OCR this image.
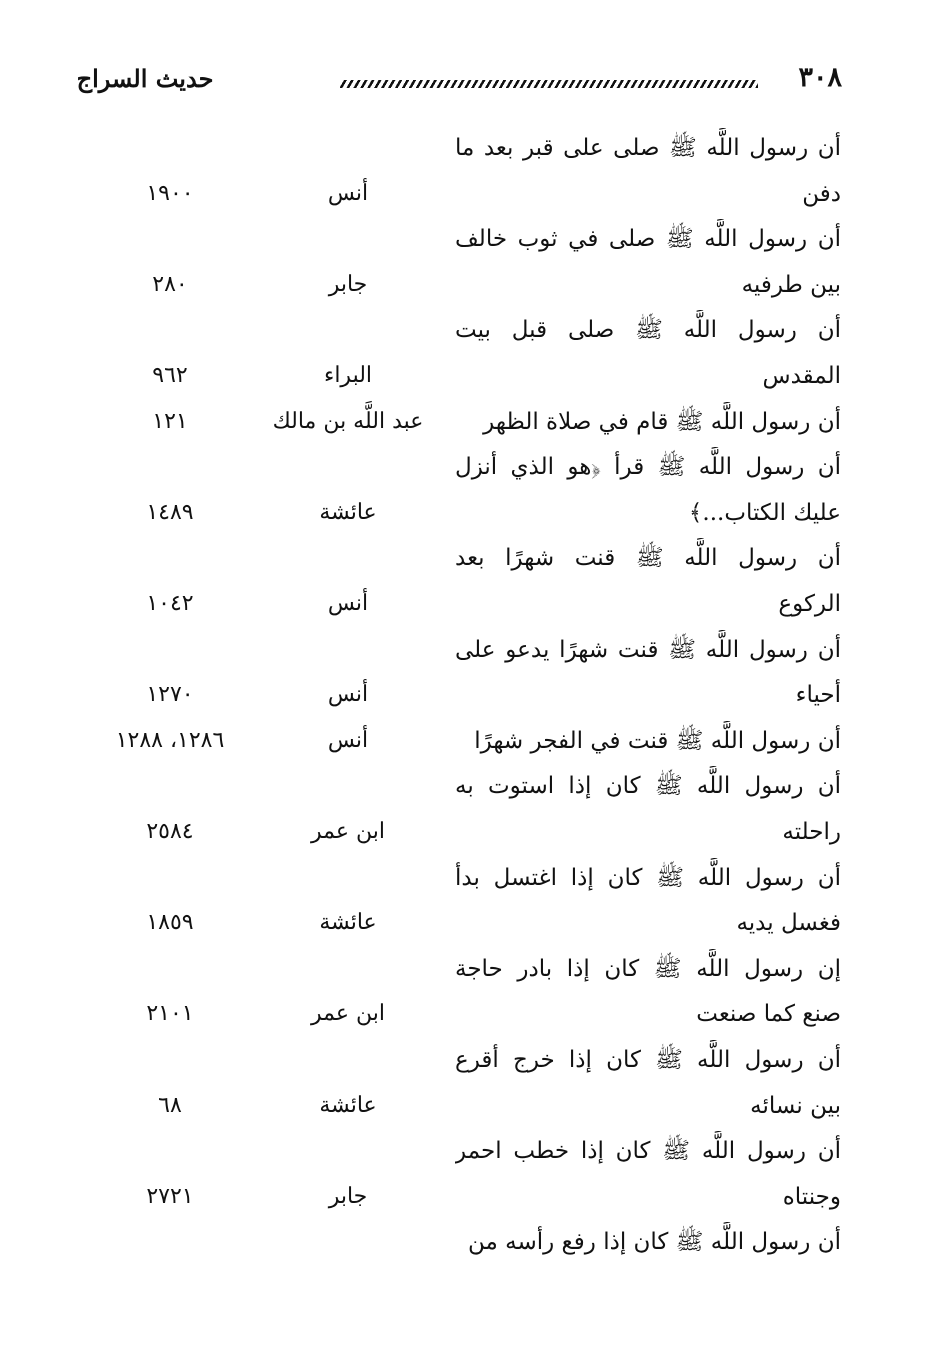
٣٠٨
حديث السراج
أن رسول اللَّه ﷺ صلى على قبر بعد ما
دفن
أنس
١٩٠٠
أن رسول اللَّه ﷺ صلى في ثوب خالف
بين طرفيه
جابر
٢٨٠
أن رسول اللَّه ﷺ صلى قبل بيت
المقدس
البراء
٩٦٢
أن رسول اللَّه ﷺ قام في صلاة الظهر
عبد اللَّه بن مالك
١٢١
أن رسول اللَّه ﷺ قرأ ﴿هو الذي أنزل
عليك الكتاب...﴾
عائشة
١٤٨٩
أن رسول اللَّه ﷺ قنت شهرًا بعد
الركوع
أنس
١٠٤٢
أن رسول اللَّه ﷺ قنت شهرًا يدعو على
أحياء
أنس
١٢٧٠
أن رسول اللَّه ﷺ قنت في الفجر شهرًا
أنس
١٢٨٦، ١٢٨٨
أن رسول اللَّه ﷺ كان إذا استوت به
راحلته
ابن عمر
٢٥٨٤
أن رسول اللَّه ﷺ كان إذا اغتسل بدأ
فغسل يديه
عائشة
١٨٥٩
إن رسول اللَّه ﷺ كان إذا بادر حاجة
صنع كما صنعت
ابن عمر
٢١٠١
أن رسول اللَّه ﷺ كان إذا خرج أقرع
بين نسائه
عائشة
٦٨
أن رسول اللَّه ﷺ كان إذا خطب احمر
وجنتاه
جابر
٢٧٢١
أن رسول اللَّه ﷺ كان إذا رفع رأسه من
